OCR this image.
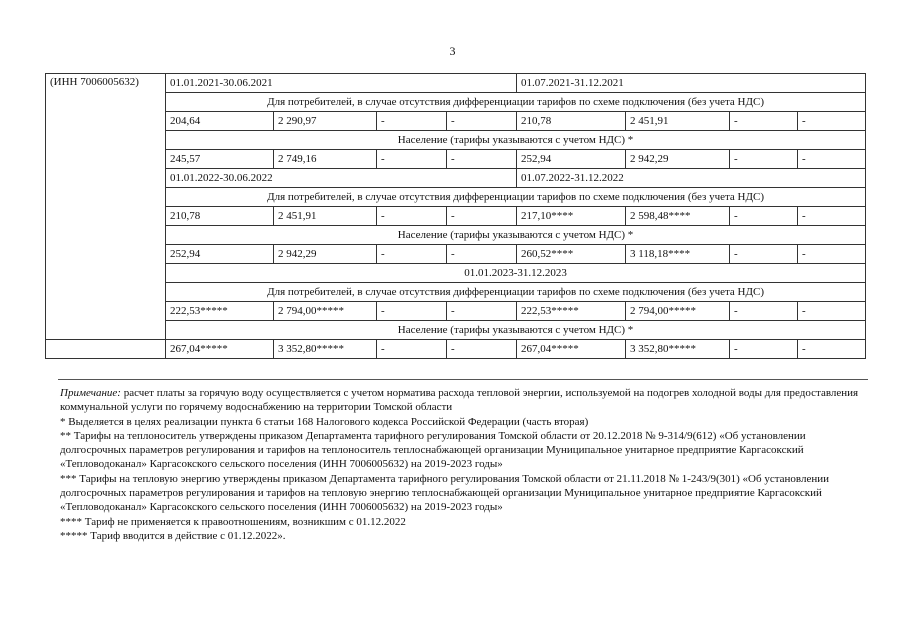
3
(ИНН 7006005632)	01.01.2021-30.06.2021				01.07.2021-31.12.2021			
	Для потребителей, в случае отсутствия дифференциации тарифов по схеме подключения (без учета НДС)							
	204,64	2 290,97	-	-	210,78	2 451,91	-	-
	Население (тарифы указываются с учетом НДС) *							
	245,57	2 749,16	-	-	252,94	2 942,29	-	-
	01.01.2022-30.06.2022				01.07.2022-31.12.2022			
	Для потребителей, в случае отсутствия дифференциации тарифов по схеме подключения (без учета НДС)							
	210,78	2 451,91	-	-	217,10****	2 598,48****	-	-
	Население (тарифы указываются с учетом НДС) *							
	252,94	2 942,29	-	-	260,52****	3 118,18****	-	-
	01.01.2023-31.12.2023							
	Для потребителей, в случае отсутствия дифференциации тарифов по схеме подключения (без учета НДС)							
	222,53*****	2 794,00*****	-	-	222,53*****	2 794,00*****	-	-
	Население (тарифы указываются с учетом НДС) *							
	267,04*****	3 352,80*****	-	-	267,04*****	3 352,80*****	-	-

Примечание: расчет платы за горячую воду осуществляется с учетом норматива расхода тепловой энергии, используемой на подогрев холодной воды для предоставления коммунальной услуги по горячему водоснабжению на территории Томской области

* Выделяется в целях реализации пункта 6 статьи 168 Налогового кодекса Российской Федерации (часть вторая)

** Тарифы на теплоноситель утверждены приказом Департамента тарифного регулирования Томской области от 20.12.2018 № 9-314/9(612) «Об установлении долгосрочных параметров регулирования и тарифов на теплоноситель теплоснабжающей организации Муниципальное унитарное предприятие Каргасокский «Тепловодоканал» Каргасокского сельского поселения (ИНН 7006005632) на 2019-2023 годы»

*** Тарифы на тепловую энергию утверждены приказом Департамента тарифного регулирования Томской области от 21.11.2018 № 1-243/9(301) «Об установлении долгосрочных параметров регулирования и тарифов на тепловую энергию теплоснабжающей организации Муниципальное унитарное предприятие Каргасокский «Тепловодоканал» Каргасокского сельского поселения (ИНН 7006005632) на 2019-2023 годы»

**** Тариф не применяется к правоотношениям, возникшим с 01.12.2022

***** Тариф вводится в действие с 01.12.2022».
